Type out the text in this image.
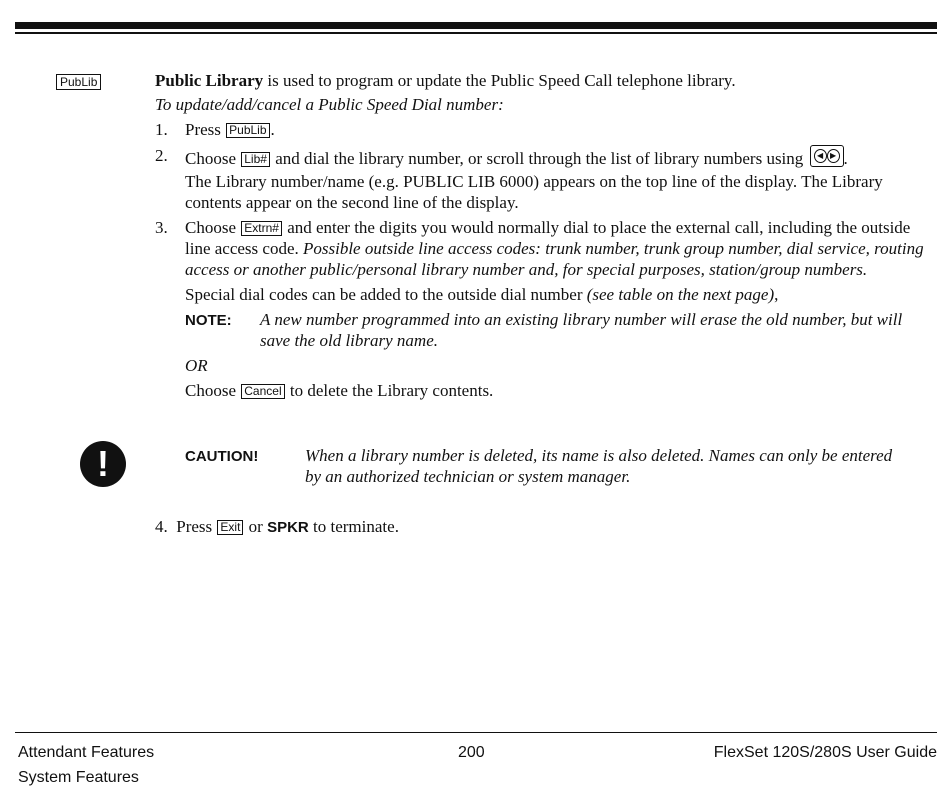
PubLib	Public Library is used to program or update the Public Speed Call telephone library.

To update/add/cancel a Public Speed Dial number:

1. Press PubLib .
2. Choose Lib# and dial the library number, or scroll through the list of library numbers using	◀ ▶ .
The Library number/name (e.g. PUBLIC LIB 6000) appears on the top line of the display. The Library contents appear on the second line of the display.
3. Choose Extrn# and enter the digits you would normally dial to place the external call, including the outside line access code. Possible outside line access codes: trunk number, trunk group number, dial service, routing access or another public/personal library number and, for special purposes, station/group numbers.

Special dial codes can be added to the outside dial number (see table on the next page),

NOTE:	A new number programmed into an existing library number will erase the old number, but will save the old library name.

OR

Choose Cancel to delete the Library contents.

!	CAUTION!	When a library number is deleted, its name is also deleted. Names can only be entered by an authorized technician or system manager.
4. Press Exit or SPKR to terminate.
Attendant Features
System Features
200	FlexSet 120S/280S User Guide
